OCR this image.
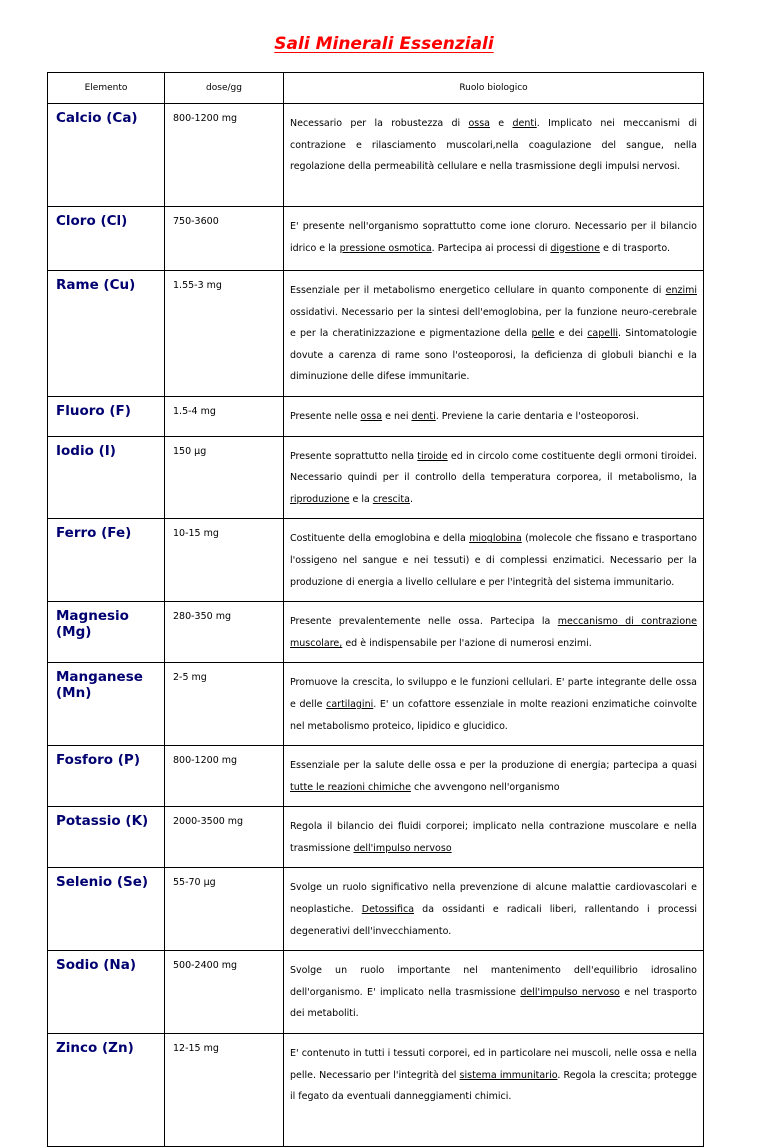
Sali Minerali Essenziali
Elemento	dose/gg	Ruolo biologico
Calcio (Ca)	800-1200 mg	Necessario per la robustezza di ossa e denti. Implicato nei meccanismi di contrazione e rilasciamento muscolari,nella coagulazione del sangue, nella regolazione della permeabilità cellulare e nella trasmissione degli impulsi nervosi.
Cloro (Cl)	750-3600	E' presente nell'organismo soprattutto come ione cloruro. Necessario per il bilancio idrico e la pressione osmotica. Partecipa ai processi di digestione e di trasporto.
Rame (Cu)	1.55-3 mg	Essenziale per il metabolismo energetico cellulare in quanto componente di enzimi ossidativi. Necessario per la sintesi dell'emoglobina, per la funzione neuro-cerebrale e per la cheratinizzazione e pigmentazione della pelle e dei capelli. Sintomatologie dovute a carenza di rame sono l'osteoporosi, la deficienza di globuli bianchi e la diminuzione delle difese immunitarie.
Fluoro (F)	1.5-4 mg	Presente nelle ossa e nei denti. Previene la carie dentaria e l'osteoporosi.
Iodio (I)	150 µg	Presente soprattutto nella tiroide ed in circolo come costituente degli ormoni tiroidei. Necessario quindi per il controllo della temperatura corporea, il metabolismo, la riproduzione e la crescita.
Ferro (Fe)	10-15 mg	Costituente della emoglobina e della mioglobina (molecole che fissano e trasportano l'ossigeno nel sangue e nei tessuti) e di complessi enzimatici. Necessario per la produzione di energia a livello cellulare e per l'integrità del sistema immunitario.
Magnesio (Mg)	280-350 mg	Presente prevalentemente nelle ossa. Partecipa la meccanismo di contrazione muscolare, ed è indispensabile per l'azione di numerosi enzimi.
Manganese (Mn)	2-5 mg	Promuove la crescita, lo sviluppo e le funzioni cellulari. E' parte integrante delle ossa e delle cartilagini. E' un cofattore essenziale in molte reazioni enzimatiche coinvolte nel metabolismo proteico, lipidico e glucidico.
Fosforo (P)	800-1200 mg	Essenziale per la salute delle ossa e per la produzione di energia; partecipa a quasi tutte le reazioni chimiche che avvengono nell'organismo
Potassio (K)	2000-3500 mg	Regola il bilancio dei fluidi corporei; implicato nella contrazione muscolare e nella trasmissione dell'impulso nervoso
Selenio (Se)	55-70 µg	Svolge un ruolo significativo nella prevenzione di alcune malattie cardiovascolari e neoplastiche. Detossifica da ossidanti e radicali liberi, rallentando i processi degenerativi dell'invecchiamento.
Sodio (Na)	500-2400 mg	Svolge un ruolo importante nel mantenimento dell'equilibrio idrosalino dell'organismo. E' implicato nella trasmissione dell'impulso nervoso e nel trasporto dei metaboliti.
Zinco (Zn)	12-15 mg	E' contenuto in tutti i tessuti corporei, ed in particolare nei muscoli, nelle ossa e nella pelle. Necessario per l'integrità del sistema immunitario. Regola la crescita; protegge il fegato da eventuali danneggiamenti chimici.
